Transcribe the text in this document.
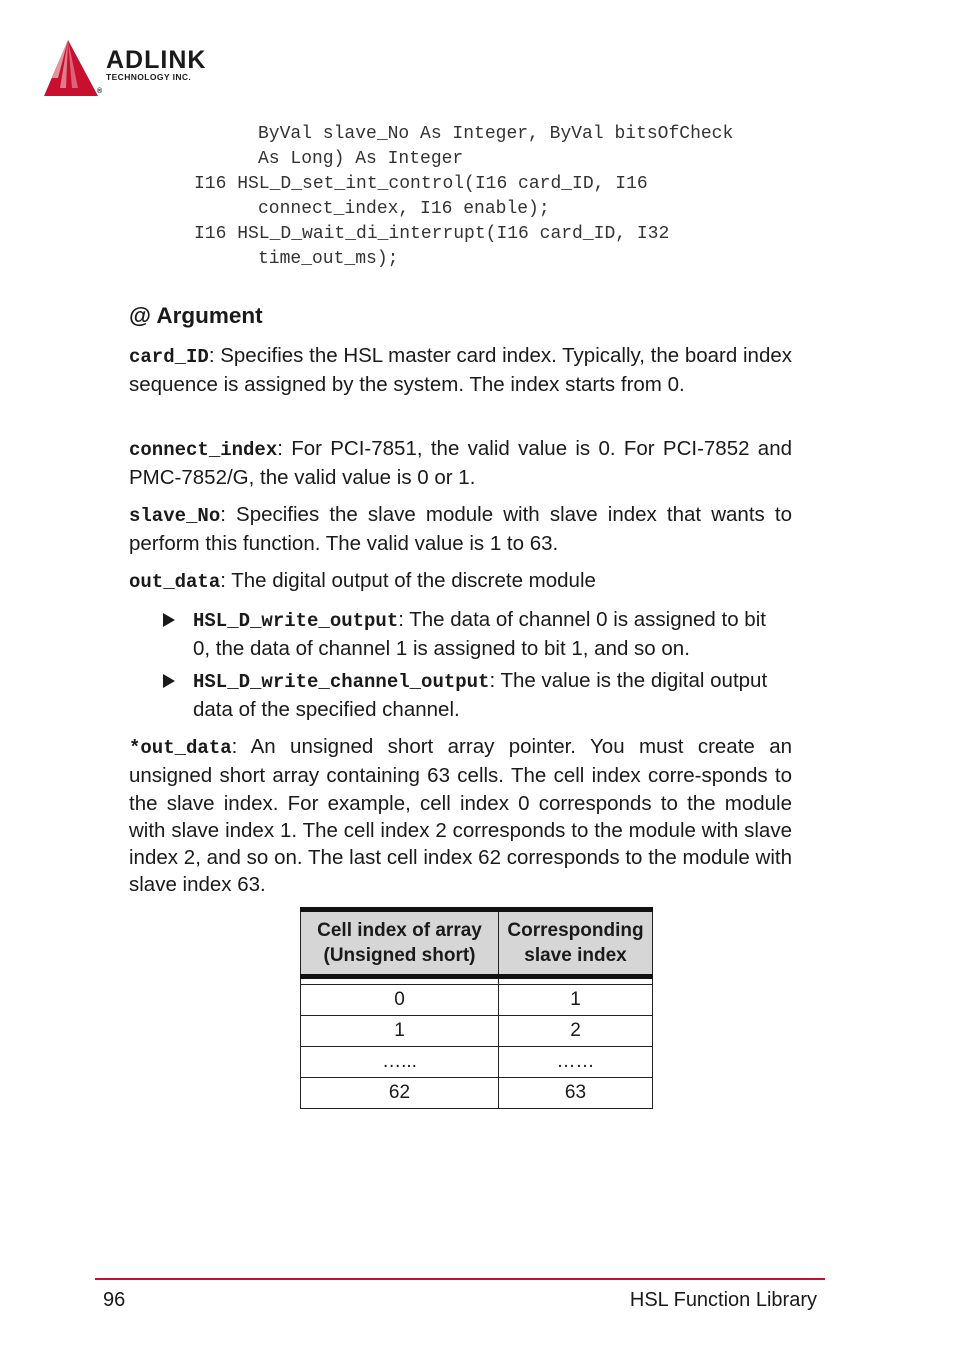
ADLINK
TECHNOLOGY INC.
®
ByVal slave_No As Integer, ByVal bitsOfCheck
As Long) As Integer
I16 HSL_D_set_int_control(I16 card_ID, I16
connect_index, I16 enable);
I16 HSL_D_wait_di_interrupt(I16 card_ID, I32
time_out_ms);
@ Argument
card_ID: Specifies the HSL master card index. Typically, the board index sequence is assigned by the system. The index starts from 0.
connect_index: For PCI-7851, the valid value is 0. For PCI-7852 and PMC-7852/G, the valid value is 0 or 1.
slave_No: Specifies the slave module with slave index that wants to perform this function. The valid value is 1 to 63.
out_data: The digital output of the discrete module
HSL_D_write_output: The data of channel 0 is assigned to bit 0, the data of channel 1 is assigned to bit 1, and so on.
HSL_D_write_channel_output: The value is the digital output data of the specified channel.
*out_data: An unsigned short array pointer. You must create an unsigned short array containing 63 cells. The cell index corre-sponds to the slave index. For example, cell index 0 corresponds to the module with slave index 1. The cell index 2 corresponds to the module with slave index 2, and so on. The last cell index 62 corresponds to the module with slave index 63.
Cell index of array (Unsigned short)	Corresponding slave index

0	1
1	2
…...	……
62	63
96	HSL Function Library
